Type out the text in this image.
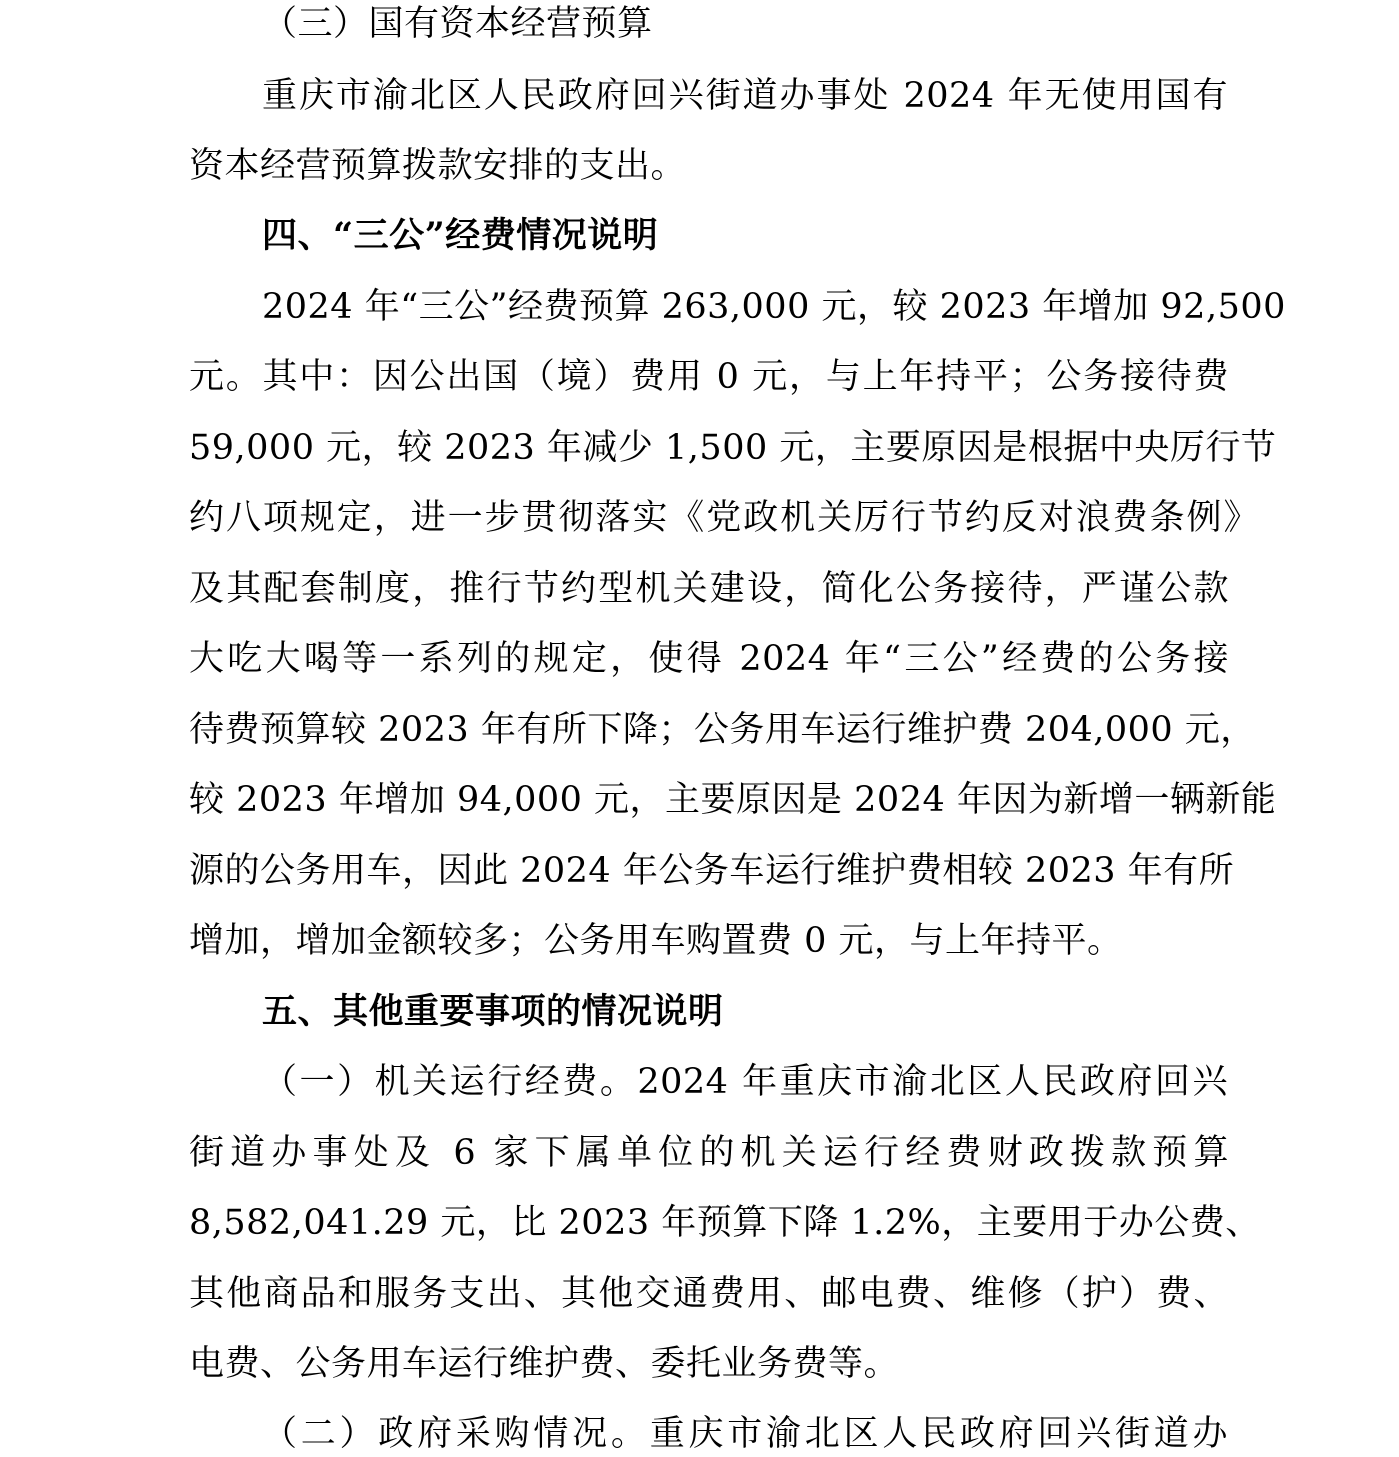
（三）国有资本经营预算
重庆市渝北区人民政府回兴街道办事处 2024 年无使用国有
资本经营预算拨款安排的支出。
四、“三公”经费情况说明
2024 年“三公”经费预算 263,000 元，较 2023 年增加 92,500
元。其中：因公出国（境）费用 0 元，与上年持平；公务接待费
59,000 元，较 2023 年减少 1,500 元，主要原因是根据中央厉行节
约八项规定，进一步贯彻落实《党政机关厉行节约反对浪费条例》
及其配套制度，推行节约型机关建设，简化公务接待，严谨公款
大吃大喝等一系列的规定，使得 2024 年“三公”经费的公务接
待费预算较 2023 年有所下降；公务用车运行维护费 204,000 元，
较 2023 年增加 94,000 元，主要原因是 2024 年因为新增一辆新能
源的公务用车，因此 2024 年公务车运行维护费相较 2023 年有所
增加，增加金额较多；公务用车购置费 0 元，与上年持平。
五、其他重要事项的情况说明
（一）机关运行经费。2024 年重庆市渝北区人民政府回兴
街道办事处及 6 家下属单位的机关运行经费财政拨款预算
8,582,041.29 元，比 2023 年预算下降 1.2%，主要用于办公费、
其他商品和服务支出、其他交通费用、邮电费、维修（护）费、
电费、公务用车运行维护费、委托业务费等。
（二）政府采购情况。重庆市渝北区人民政府回兴街道办
